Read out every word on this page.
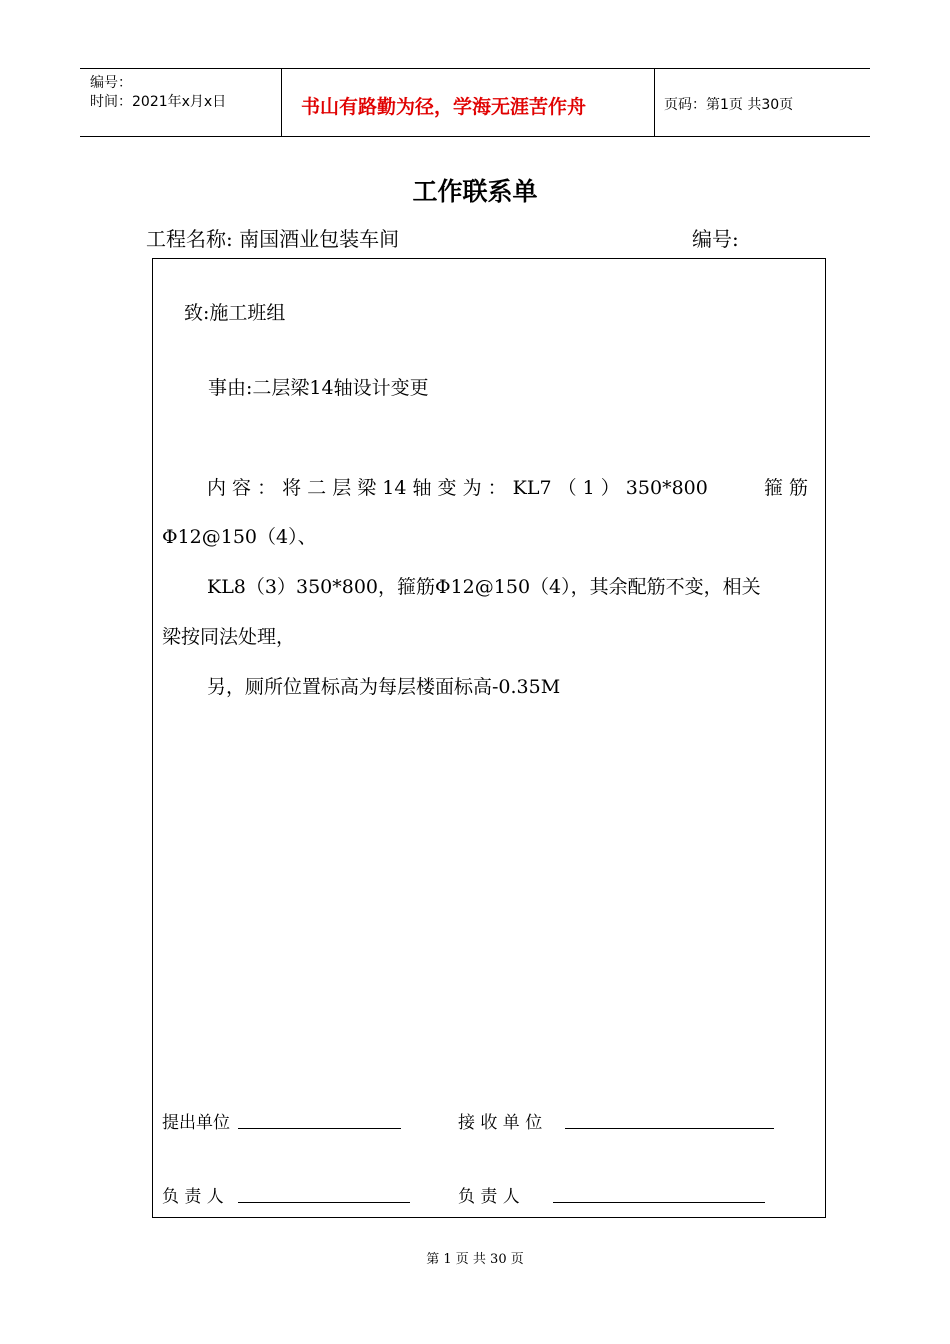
编号：
时间：2021年x月x日	书山有路勤为径，学海无涯苦作舟	页码：第1页 共30页
工作联系单
工程名称: 南国酒业包装车间	编号:
致:施工班组
事由:二层梁14轴设计变更
内 容 ： 将 二 层 梁 14 轴 变 为 ： KL7 （ 1 ） 350*800	箍 筋
Φ12@150（4）、
KL8（3）350*800，箍筋Φ12@150（4），其余配筋不变，相关
梁按同法处理，
另，厕所位置标高为每层楼面标高-0.35M
提出单位	接 收 单 位
负 责 人	负 责 人
第 1 页 共 30 页
